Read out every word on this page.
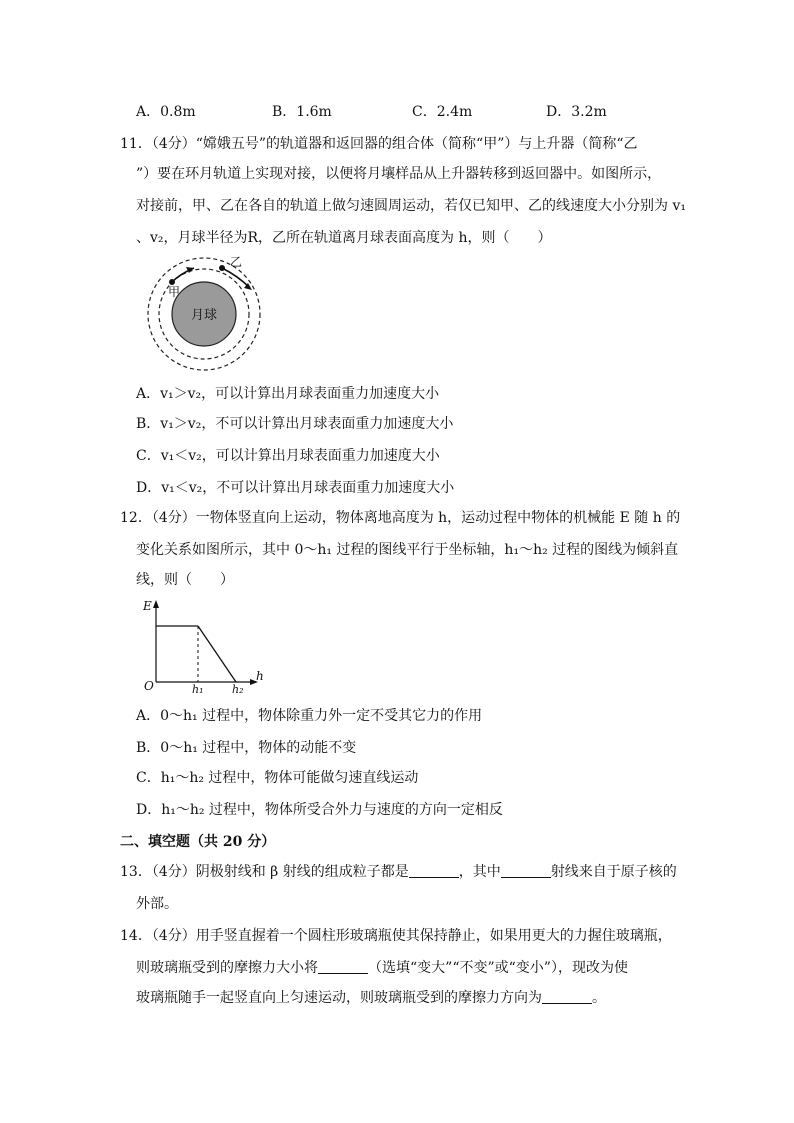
A．0.8m	B．1.6m	C．2.4m	D．3.2m
11．（4分）“嫦娥五号”的轨道器和返回器的组合体（简称“甲”）与上升器（简称“乙
”）要在环月轨道上实现对接，以便将月壤样品从上升器转移到返回器中。如图所示，
对接前，甲、乙在各自的轨道上做匀速圆周运动，若仅已知甲、乙的线速度大小分别为 v₁
、v₂，月球半径为R，乙所在轨道离月球表面高度为 h，则（　　）
月球
甲
乙
A．v₁＞v₂，可以计算出月球表面重力加速度大小
B．v₁＞v₂，不可以计算出月球表面重力加速度大小
C．v₁＜v₂，可以计算出月球表面重力加速度大小
D．v₁＜v₂，不可以计算出月球表面重力加速度大小
12．（4分）一物体竖直向上运动，物体离地高度为 h，运动过程中物体的机械能 E 随 h 的
变化关系如图所示，其中 0～h₁ 过程的图线平行于坐标轴，h₁～h₂ 过程的图线为倾斜直
线，则（　　）
E
h
O	h₁	h₂
A．0～h₁ 过程中，物体除重力外一定不受其它力的作用
B．0～h₁ 过程中，物体的动能不变
C．h₁～h₂ 过程中，物体可能做匀速直线运动
D．h₁～h₂ 过程中，物体所受合外力与速度的方向一定相反
二、填空题（共 20 分）
13．（4分）阴极射线和 β 射线的组成粒子都是	，其中	射线来自于原子核的
外部。
14．（4分）用手竖直握着一个圆柱形玻璃瓶使其保持静止，如果用更大的力握住玻璃瓶，
则玻璃瓶受到的摩擦力大小将	（选填“变大”“不变”或“变小”），现改为使
玻璃瓶随手一起竖直向上匀速运动，则玻璃瓶受到的摩擦力方向为	。
